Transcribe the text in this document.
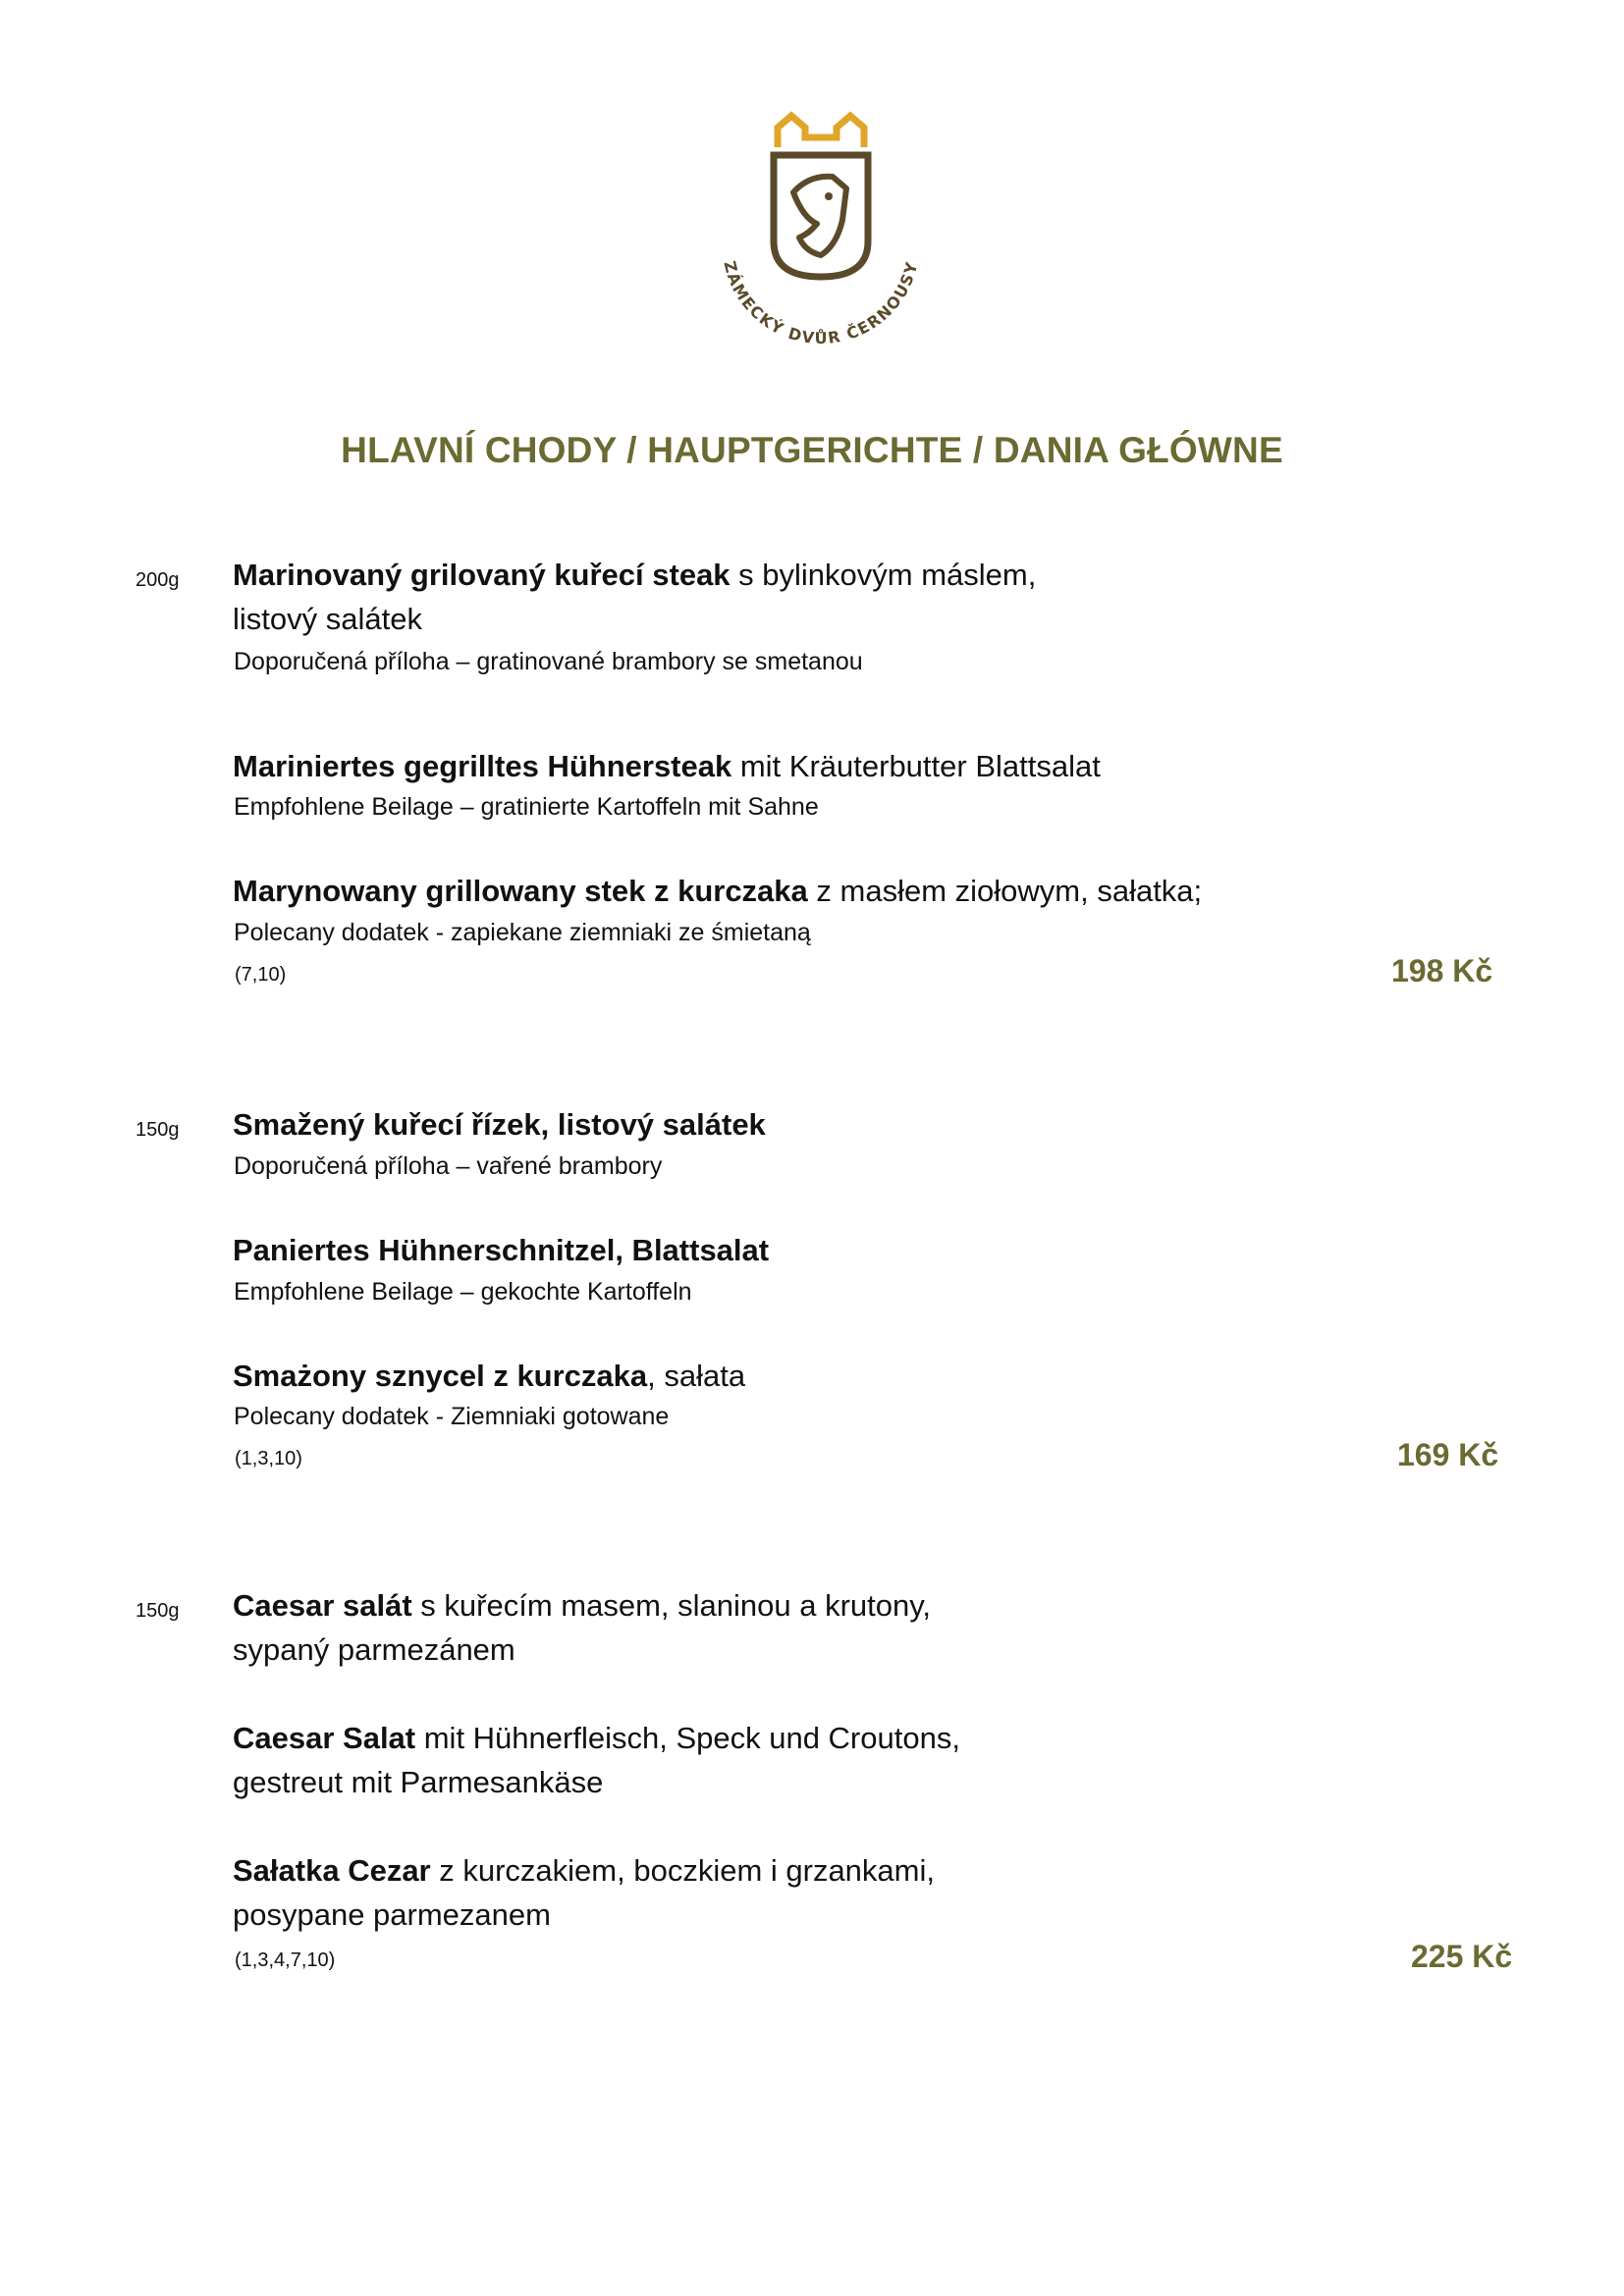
ZÁMECKÝ DVŮR ČERNOUSY
HLAVNÍ CHODY / HAUPTGERICHTE / DANIA GŁÓWNE
200g Marinovaný grilovaný kuřecí steak s bylinkovým máslem,
listový salátek
Doporučená příloha – gratinované brambory se smetanou
Mariniertes gegrilltes Hühnersteak mit Kräuterbutter Blattsalat
Empfohlene Beilage – gratinierte Kartoffeln mit Sahne
Marynowany grillowany stek z kurczaka z masłem ziołowym, sałatka;
Polecany dodatek - zapiekane ziemniaki ze śmietaną
(7,10)	198 Kč
150g Smažený kuřecí řízek, listový salátek
Doporučená příloha – vařené brambory
Paniertes Hühnerschnitzel, Blattsalat
Empfohlene Beilage – gekochte Kartoffeln
Smażony sznycel z kurczaka, sałata
Polecany dodatek - Ziemniaki gotowane
(1,3,10)	169 Kč
150g Caesar salát s kuřecím masem, slaninou a krutony,
sypaný parmezánem
Caesar Salat mit Hühnerfleisch, Speck und Croutons,
gestreut mit Parmesankäse
Sałatka Cezar z kurczakiem, boczkiem i grzankami,
posypane parmezanem
(1,3,4,7,10)	225 Kč
